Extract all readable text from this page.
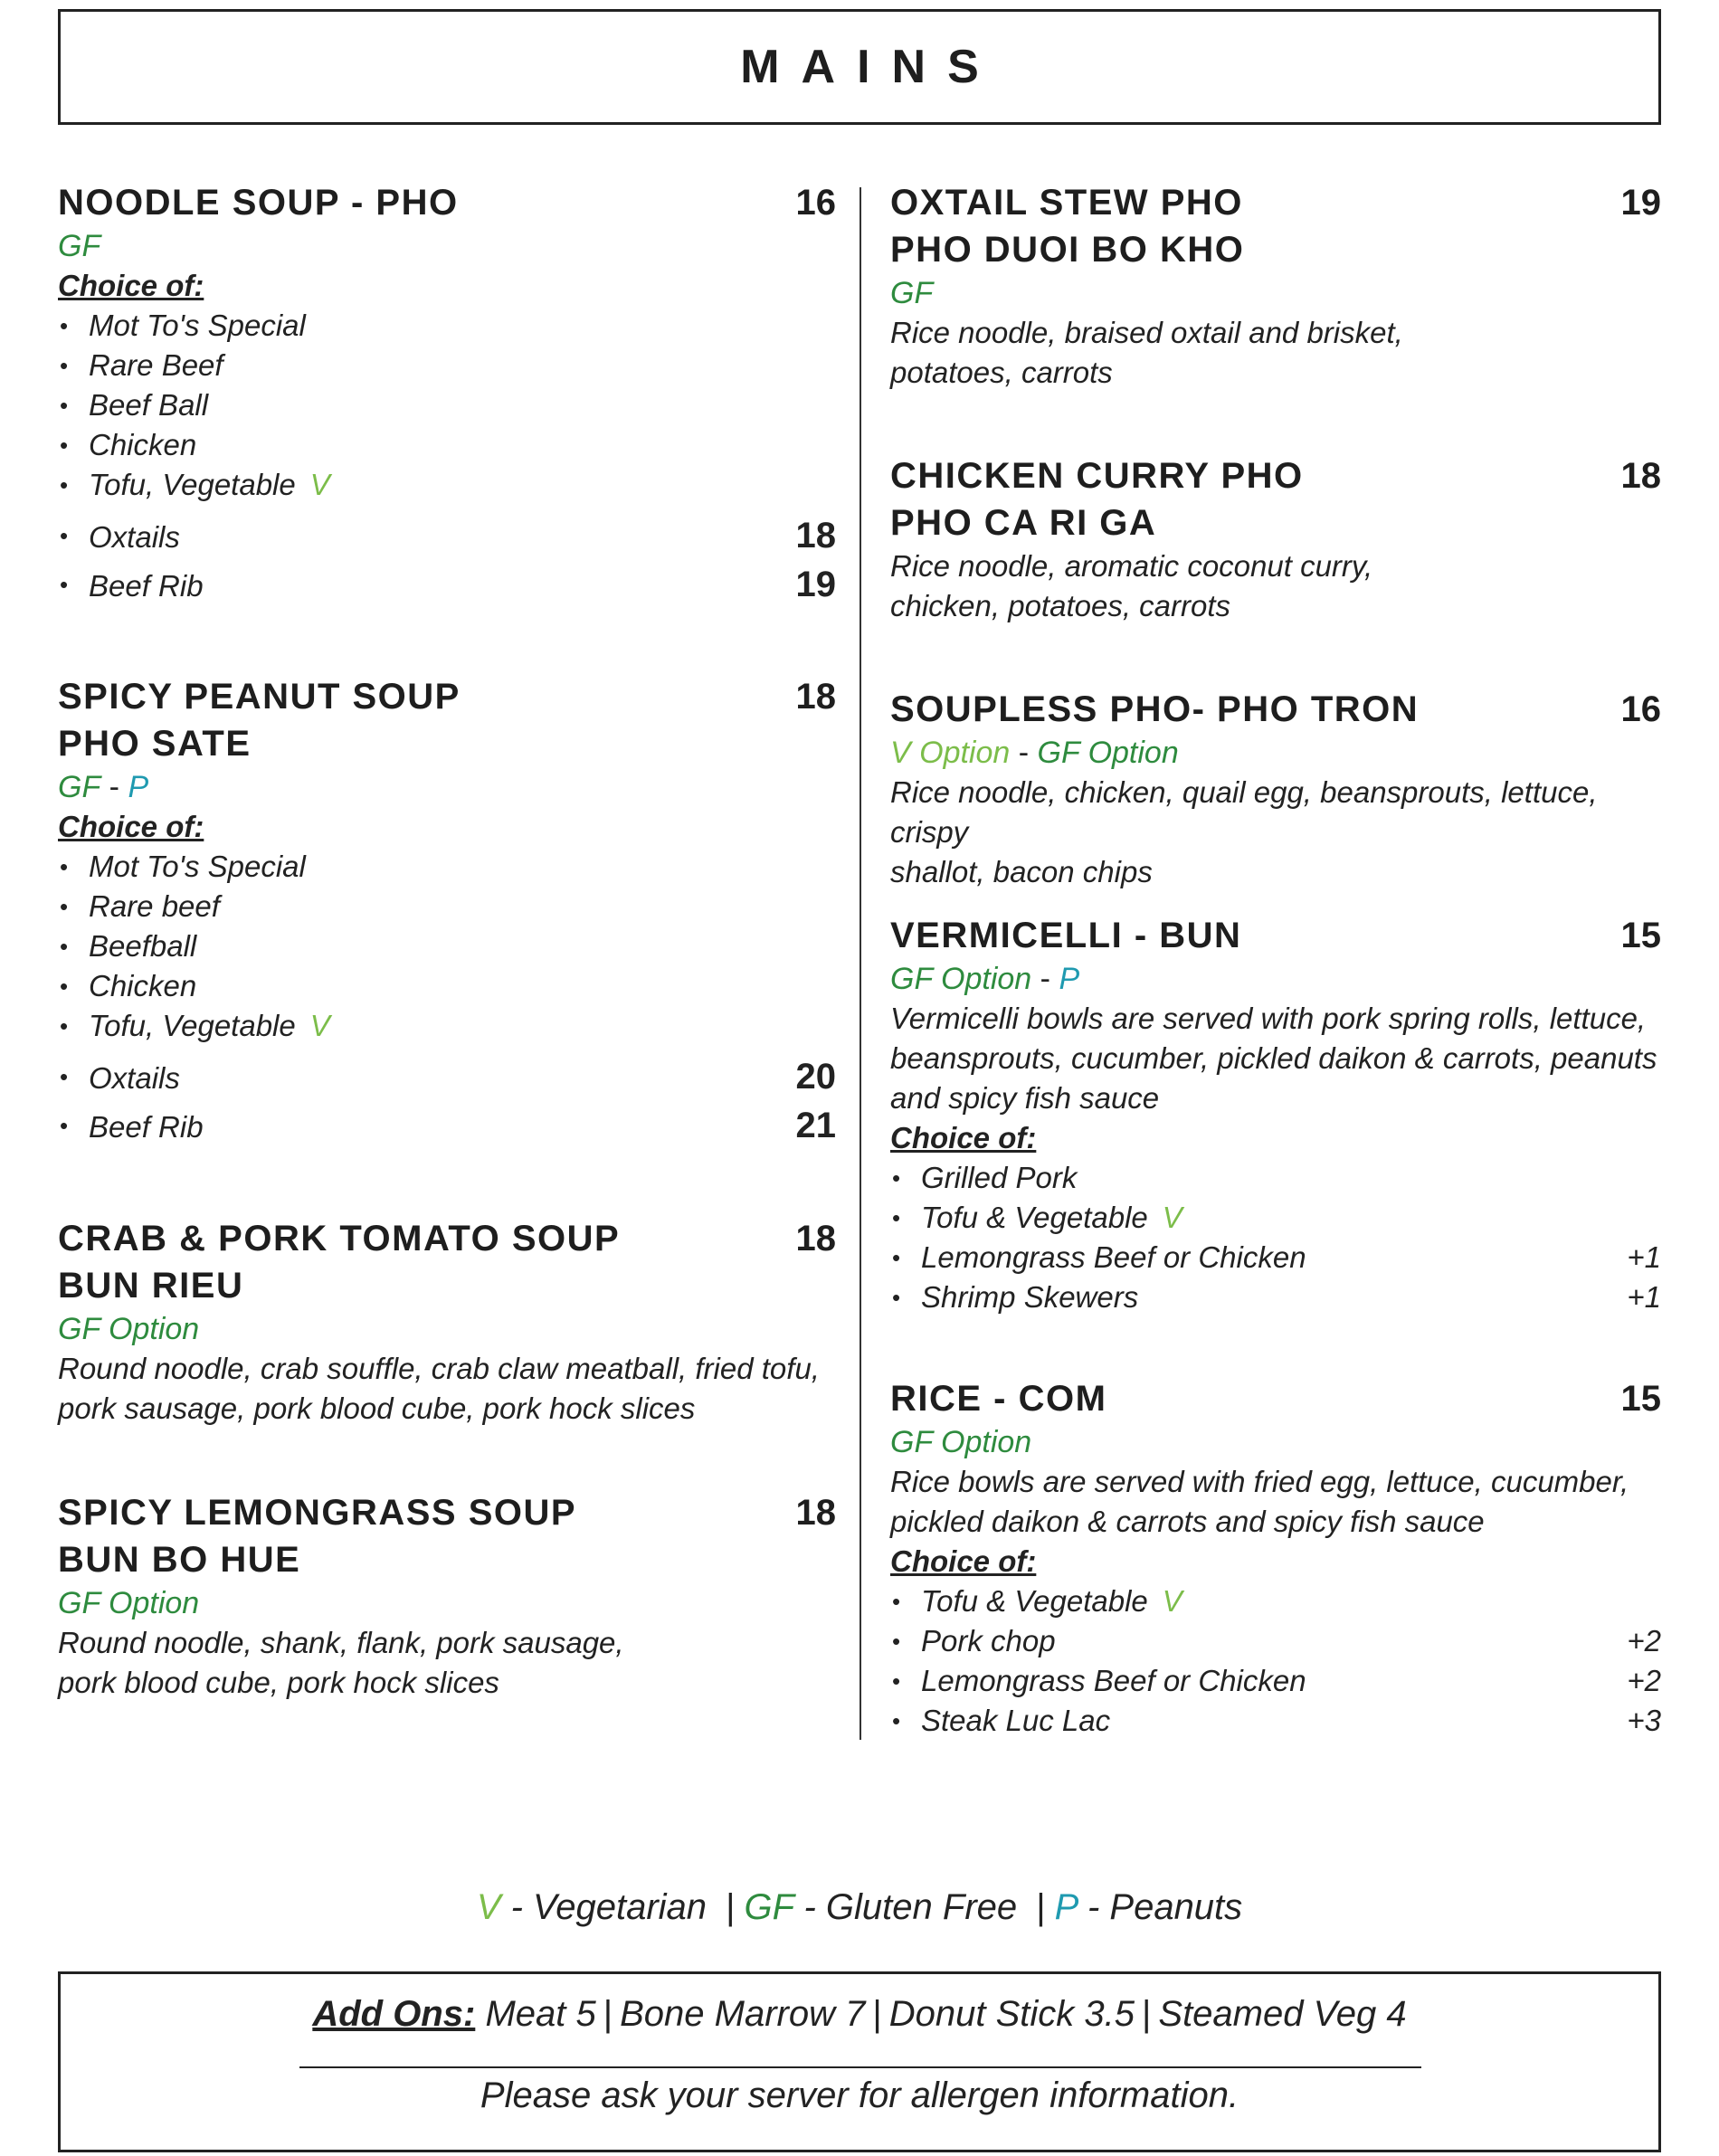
MAINS
NOODLE SOUP - PHO	16
GF
Choice of:
• Mot To's Special
• Rare Beef
• Beef Ball
• Chicken
• Tofu, Vegetable V
• Oxtails	18
• Beef Rib	19
SPICY PEANUT SOUP	18
PHO SATE
GF - P
Choice of:
• Mot To's Special
• Rare beef
• Beefball
• Chicken
• Tofu, Vegetable V
• Oxtails	20
• Beef Rib	21
CRAB & PORK TOMATO SOUP	18
BUN RIEU
GF Option
Round noodle, crab souffle, crab claw meatball, fried tofu,
pork sausage, pork blood cube, pork hock slices
SPICY LEMONGRASS SOUP	18
BUN BO HUE
GF Option
Round noodle, shank, flank, pork sausage,
pork blood cube, pork hock slices
OXTAIL STEW PHO	19
PHO DUOI BO KHO
GF
Rice noodle, braised oxtail and brisket,
potatoes, carrots
CHICKEN CURRY PHO	18
PHO CA RI GA
Rice noodle, aromatic coconut curry,
chicken, potatoes, carrots
SOUPLESS PHO- PHO TRON	16
V Option - GF Option
Rice noodle, chicken, quail egg, beansprouts, lettuce, crispy
shallot, bacon chips
VERMICELLI - BUN	15
GF Option - P
Vermicelli bowls are served with pork spring rolls, lettuce,
beansprouts, cucumber, pickled daikon & carrots, peanuts
and spicy fish sauce
Choice of:
• Grilled Pork
• Tofu & Vegetable V
• Lemongrass Beef or Chicken	+1
• Shrimp Skewers	+1
RICE - COM	15
GF Option
Rice bowls are served with fried egg, lettuce, cucumber,
pickled daikon & carrots and spicy fish sauce
Choice of:
• Tofu & Vegetable V
• Pork chop	+2
• Lemongrass Beef or Chicken	+2
• Steak Luc Lac	+3
V - Vegetarian | GF - Gluten Free | P - Peanuts
Add Ons: Meat 5 | Bone Marrow 7 | Donut Stick 3.5 | Steamed Veg 4
Please ask your server for allergen information.
